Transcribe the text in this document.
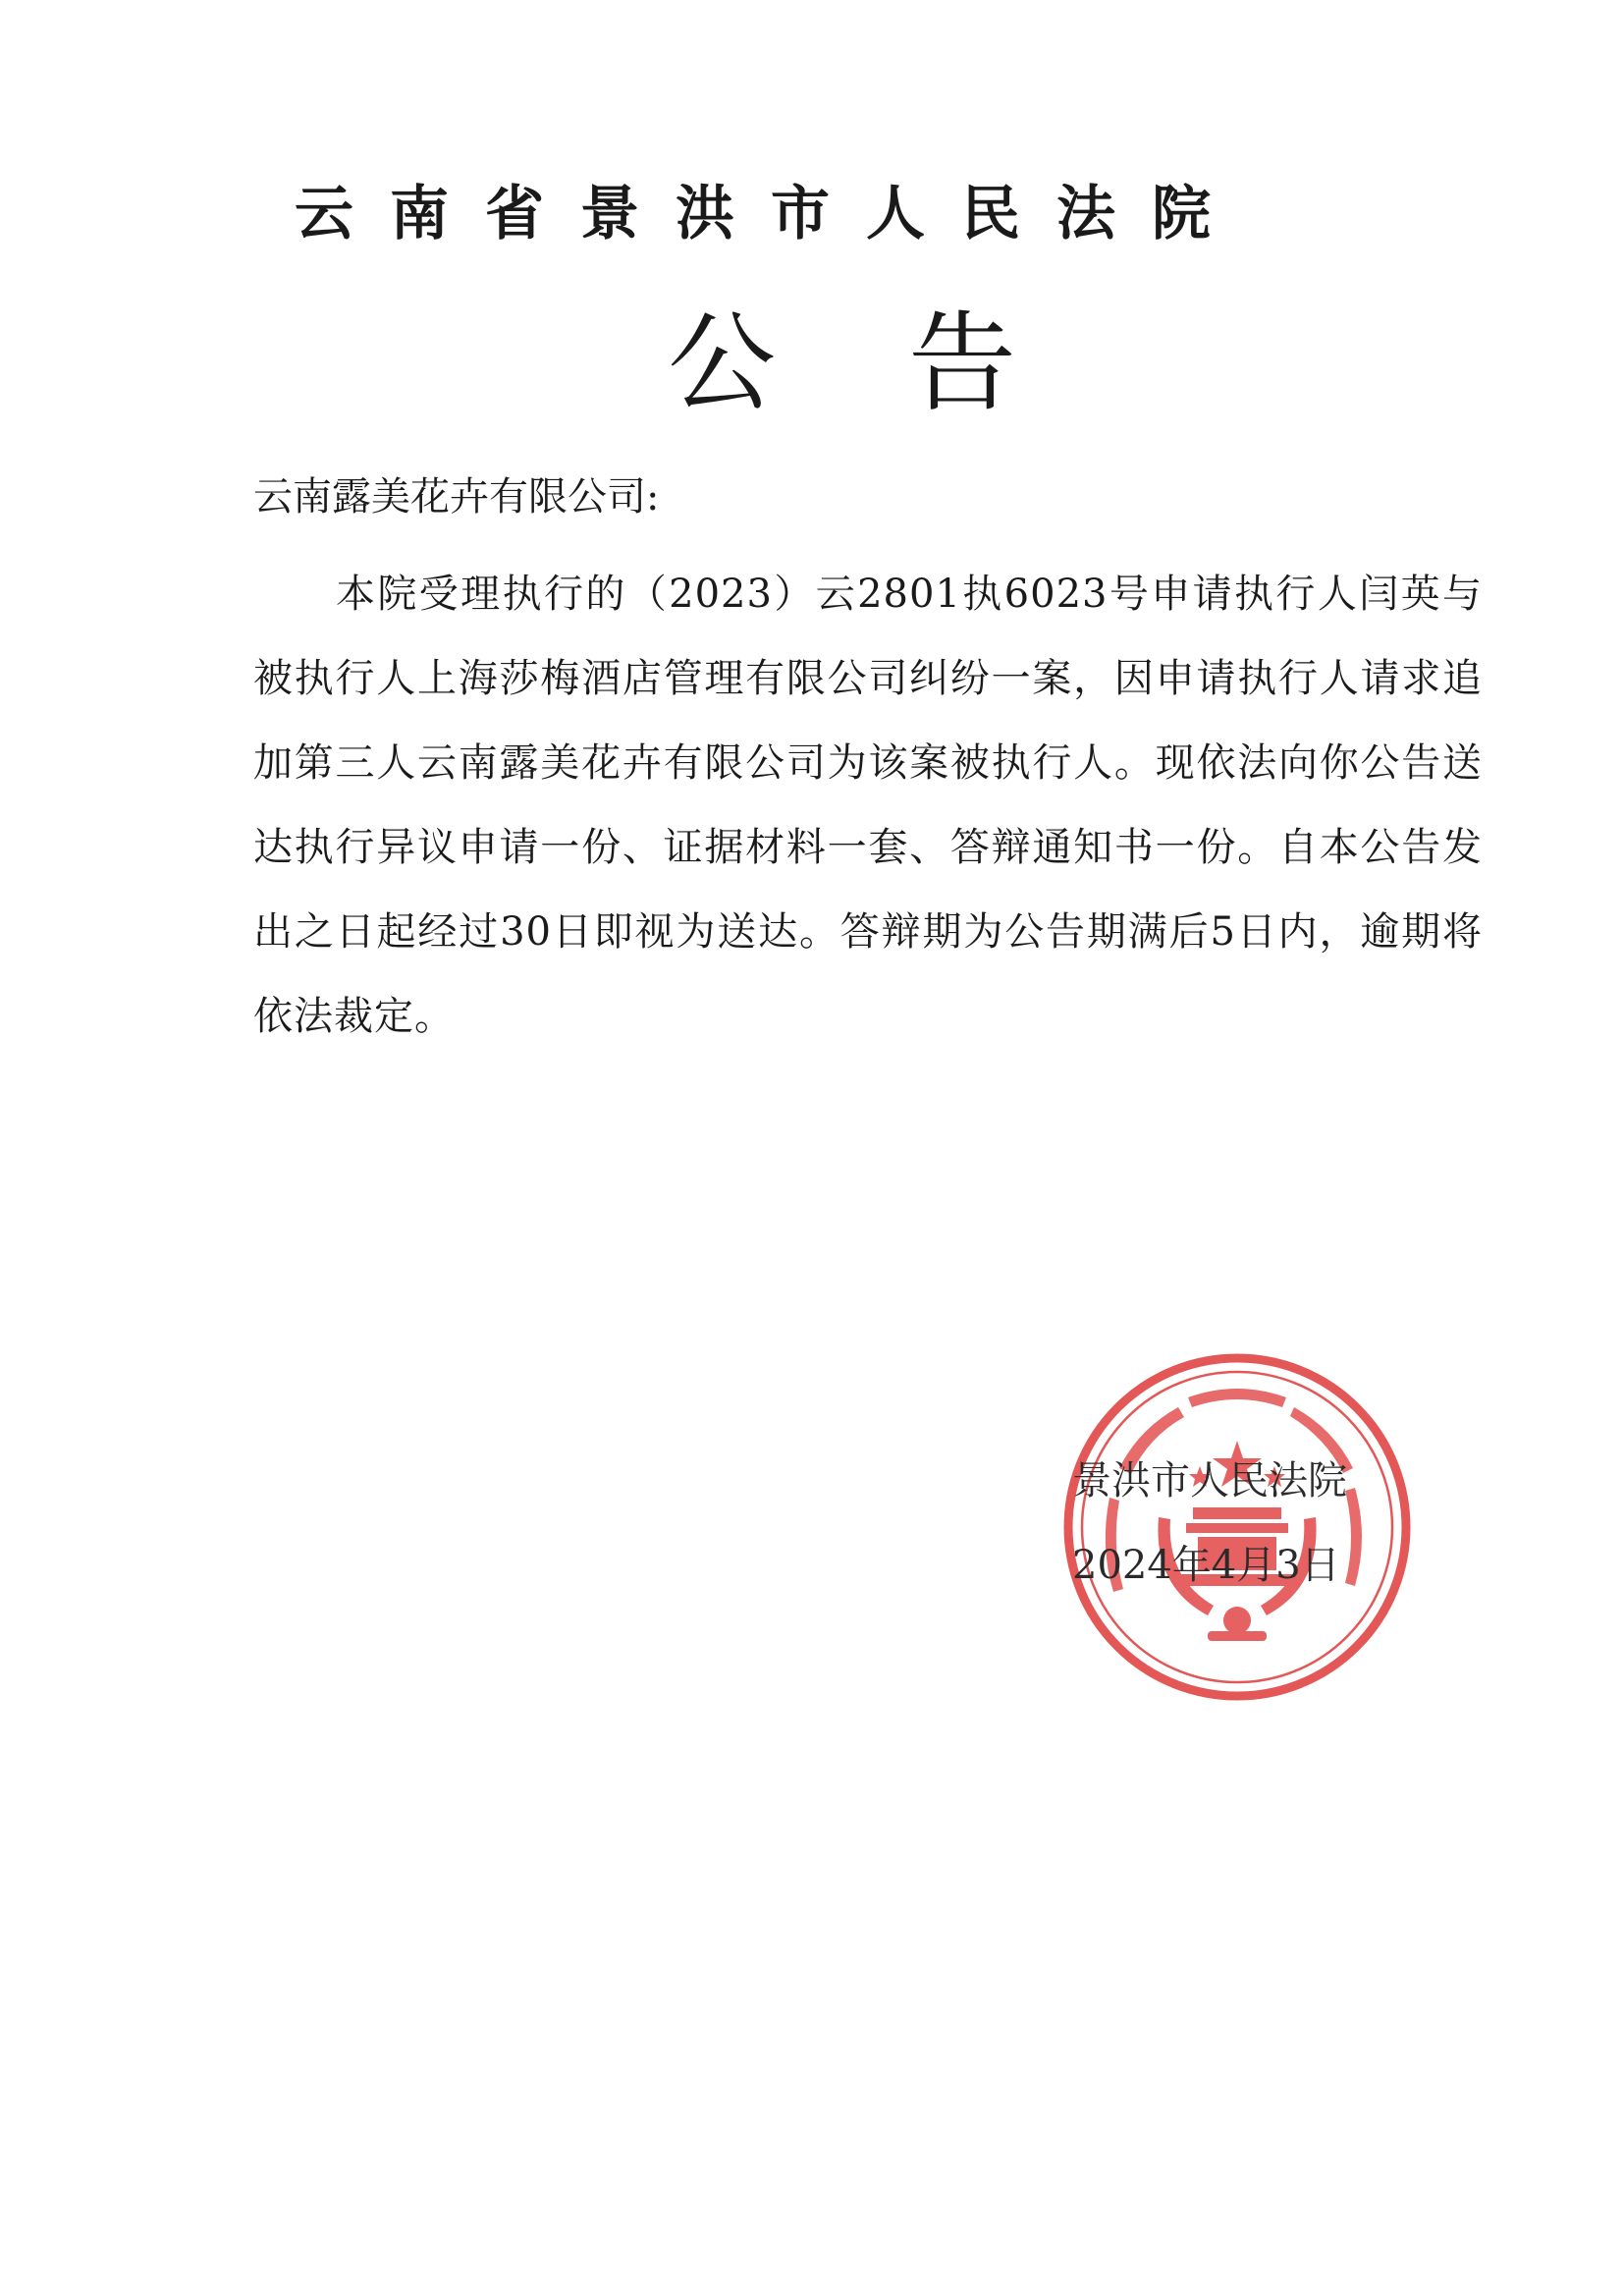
云南省景洪市人民法院
公告
云南露美花卉有限公司:
本院受理执行的（2023）云2801执6023号申请执行人闫英与被执行人上海莎梅酒店管理有限公司纠纷一案，因申请执行人请求追加第三人云南露美花卉有限公司为该案被执行人。现依法向你公告送达执行异议申请一份、证据材料一套、答辩通知书一份。自本公告发出之日起经过30日即视为送达。答辩期为公告期满后5日内，逾期将依法裁定。
景洪市人民法院
2024年4月3日
